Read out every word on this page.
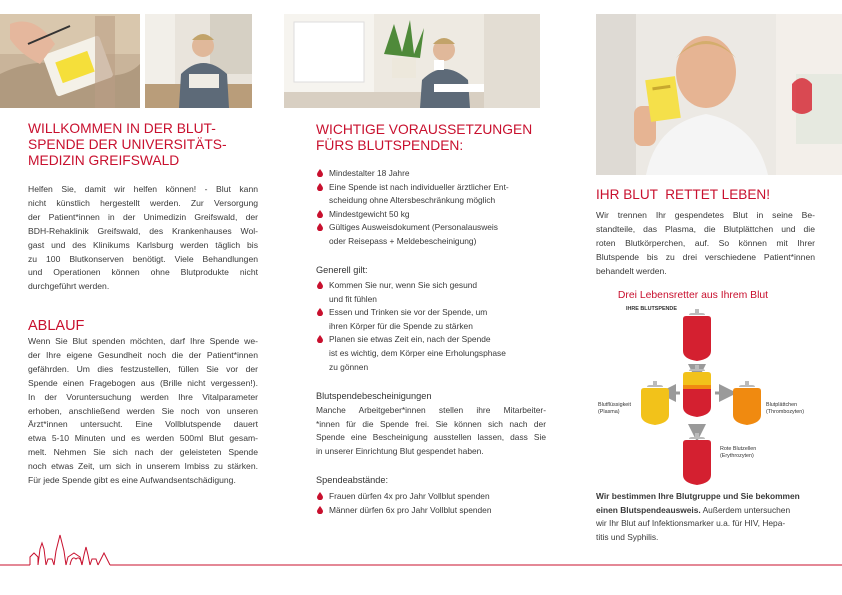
WILLKOMMEN IN DER BLUT-
SPENDE DER UNIVERSITÄTS-
MEDIZIN GREIFSWALD
Helfen Sie, damit wir helfen können! - Blut kann
nicht künstlich hergestellt werden. Zur Versorgung
der Patient*innen in der Unimedizin Greifswald, der
BDH-Rehaklinik Greifswald, des Krankenhauses Wol-
gast und des Klinikums Karlsburg werden täglich bis
zu 100 Blutkonserven benötigt. Viele Behandlungen
und Operationen können ohne Blutprodukte nicht
durchgeführt werden.
ABLAUF
Wenn Sie Blut spenden möchten, darf Ihre Spende we-
der Ihre eigene Gesundheit noch die der Patient*innen
gefährden. Um dies festzustellen, füllen Sie vor der
Spende einen Fragebogen aus (Brille nicht vergessen!).
In der Voruntersuchung werden Ihre Vitalparameter
erhoben, anschließend werden Sie noch von unseren
Ärzt*innen untersucht. Eine Vollblutspende dauert
etwa 5-10 Minuten und es werden 500ml Blut gesam-
melt. Nehmen Sie sich nach der geleisteten Spende
noch etwas Zeit, um sich in unserem Imbiss zu stärken.
Für jede Spende gibt es eine Aufwandsentschädigung.
WICHTIGE VORAUSSETZUNGEN
FÜRS BLUTSPENDEN:
Mindestalter 18 Jahre
Eine Spende ist nach individueller ärztlicher Ent-
scheidung ohne Altersbeschränkung möglich
Mindestgewicht 50 kg
Gültiges Ausweisdokument (Personalausweis
oder Reisepass + Meldebescheinigung)
Generell gilt:
Kommen Sie nur, wenn Sie sich gesund
und fit fühlen
Essen und Trinken sie vor der Spende, um
ihren Körper für die Spende zu stärken
Planen sie etwas Zeit ein, nach der Spende
ist es wichtig, dem Körper eine Erholungsphase
zu gönnen
Blutspendebescheinigungen
Manche Arbeitgeber*innen stellen ihre Mitarbeiter-
*innen für die Spende frei. Sie können sich nach der
Spende eine Bescheinigung ausstellen lassen, dass Sie
in unserer Einrichtung Blut gespendet haben.
Spendeabstände:
Frauen dürfen 4x pro Jahr Vollblut spenden
Männer dürfen 6x pro Jahr Vollblut spenden
IHR BLUT  RETTET LEBEN!
Wir trennen Ihr gespendetes Blut in seine Be-
standteile, das Plasma, die Blutplättchen und die
roten Blutkörperchen, auf. So können mit Ihrer
Blutspende bis zu drei verschiedene Patient*innen
behandelt werden.
Drei Lebensretter aus Ihrem Blut
IHRE BLUTSPENDE
Blutflüssigkeit
(Plasma)
Blutplättchen
(Thrombozyten)
Rote Blutzellen
(Erythrozyten)
Wir bestimmen Ihre Blutgruppe und Sie bekommen
einen Blutspendeausweis. Außerdem untersuchen
wir Ihr Blut auf Infektionsmarker u.a. für HIV, Hepa-
titis und Syphilis.
